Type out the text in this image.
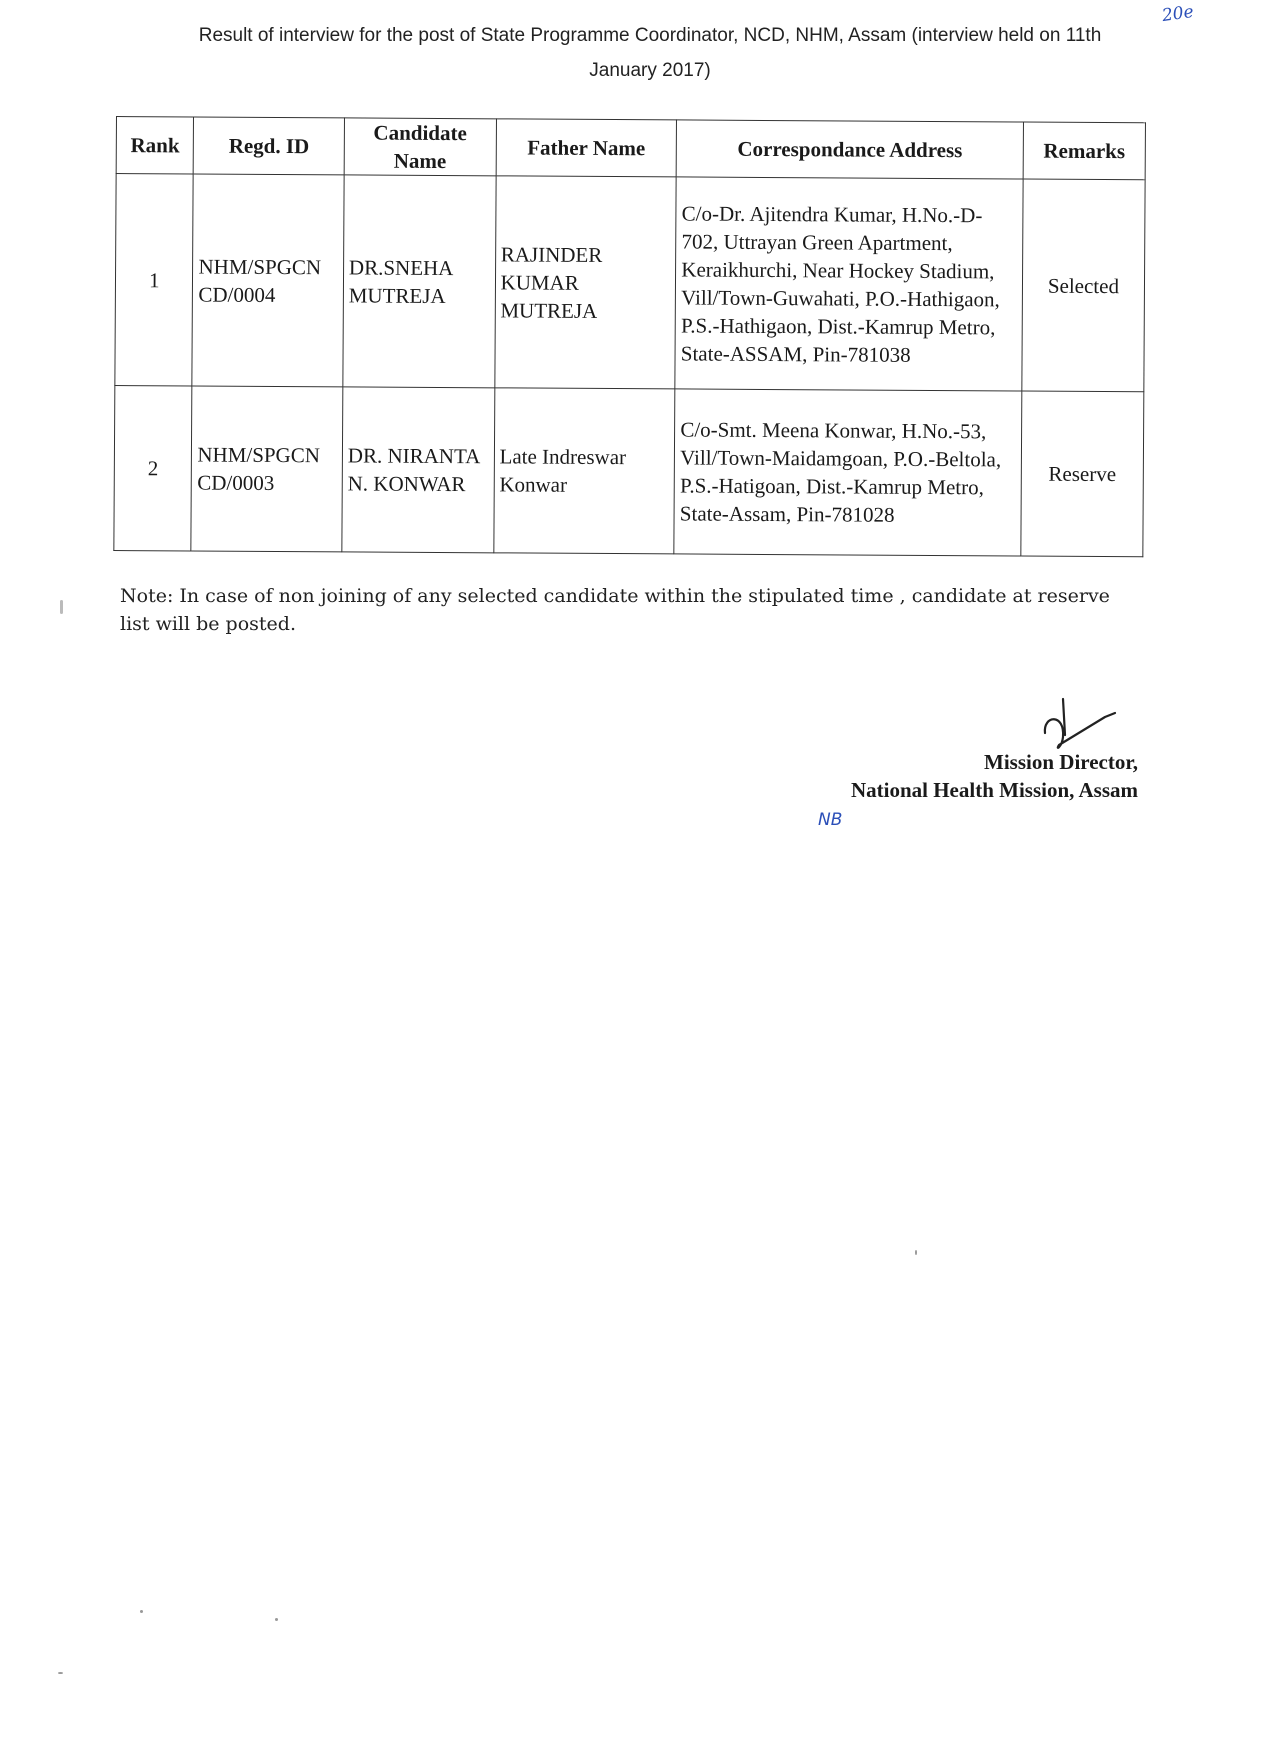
20e
Result of interview for the post of State Programme Coordinator, NCD, NHM, Assam (interview held on 11th
January 2017)
Rank	Regd. ID	Candidate Name	Father Name	Correspondance Address	Remarks
1	NHM/SPGCN CD/0004	DR.SNEHA MUTREJA	RAJINDER KUMAR MUTREJA	C/o-Dr. Ajitendra Kumar, H.No.-D-702, Uttrayan Green Apartment, Keraikhurchi, Near Hockey Stadium, Vill/Town-Guwahati, P.O.-Hathigaon, P.S.-Hathigaon, Dist.-Kamrup Metro, State-ASSAM, Pin-781038	Selected
2	NHM/SPGCN CD/0003	DR. NIRANTA N. KONWAR	Late Indreswar Konwar	C/o-Smt. Meena Konwar, H.No.-53, Vill/Town-Maidamgoan, P.O.-Beltola, P.S.-Hatigoan, Dist.-Kamrup Metro, State-Assam, Pin-781028	Reserve
Note: In case of non joining of any selected candidate within the stipulated time , candidate at reserve list will be posted.
Mission Director,
National Health Mission, Assam
NB
